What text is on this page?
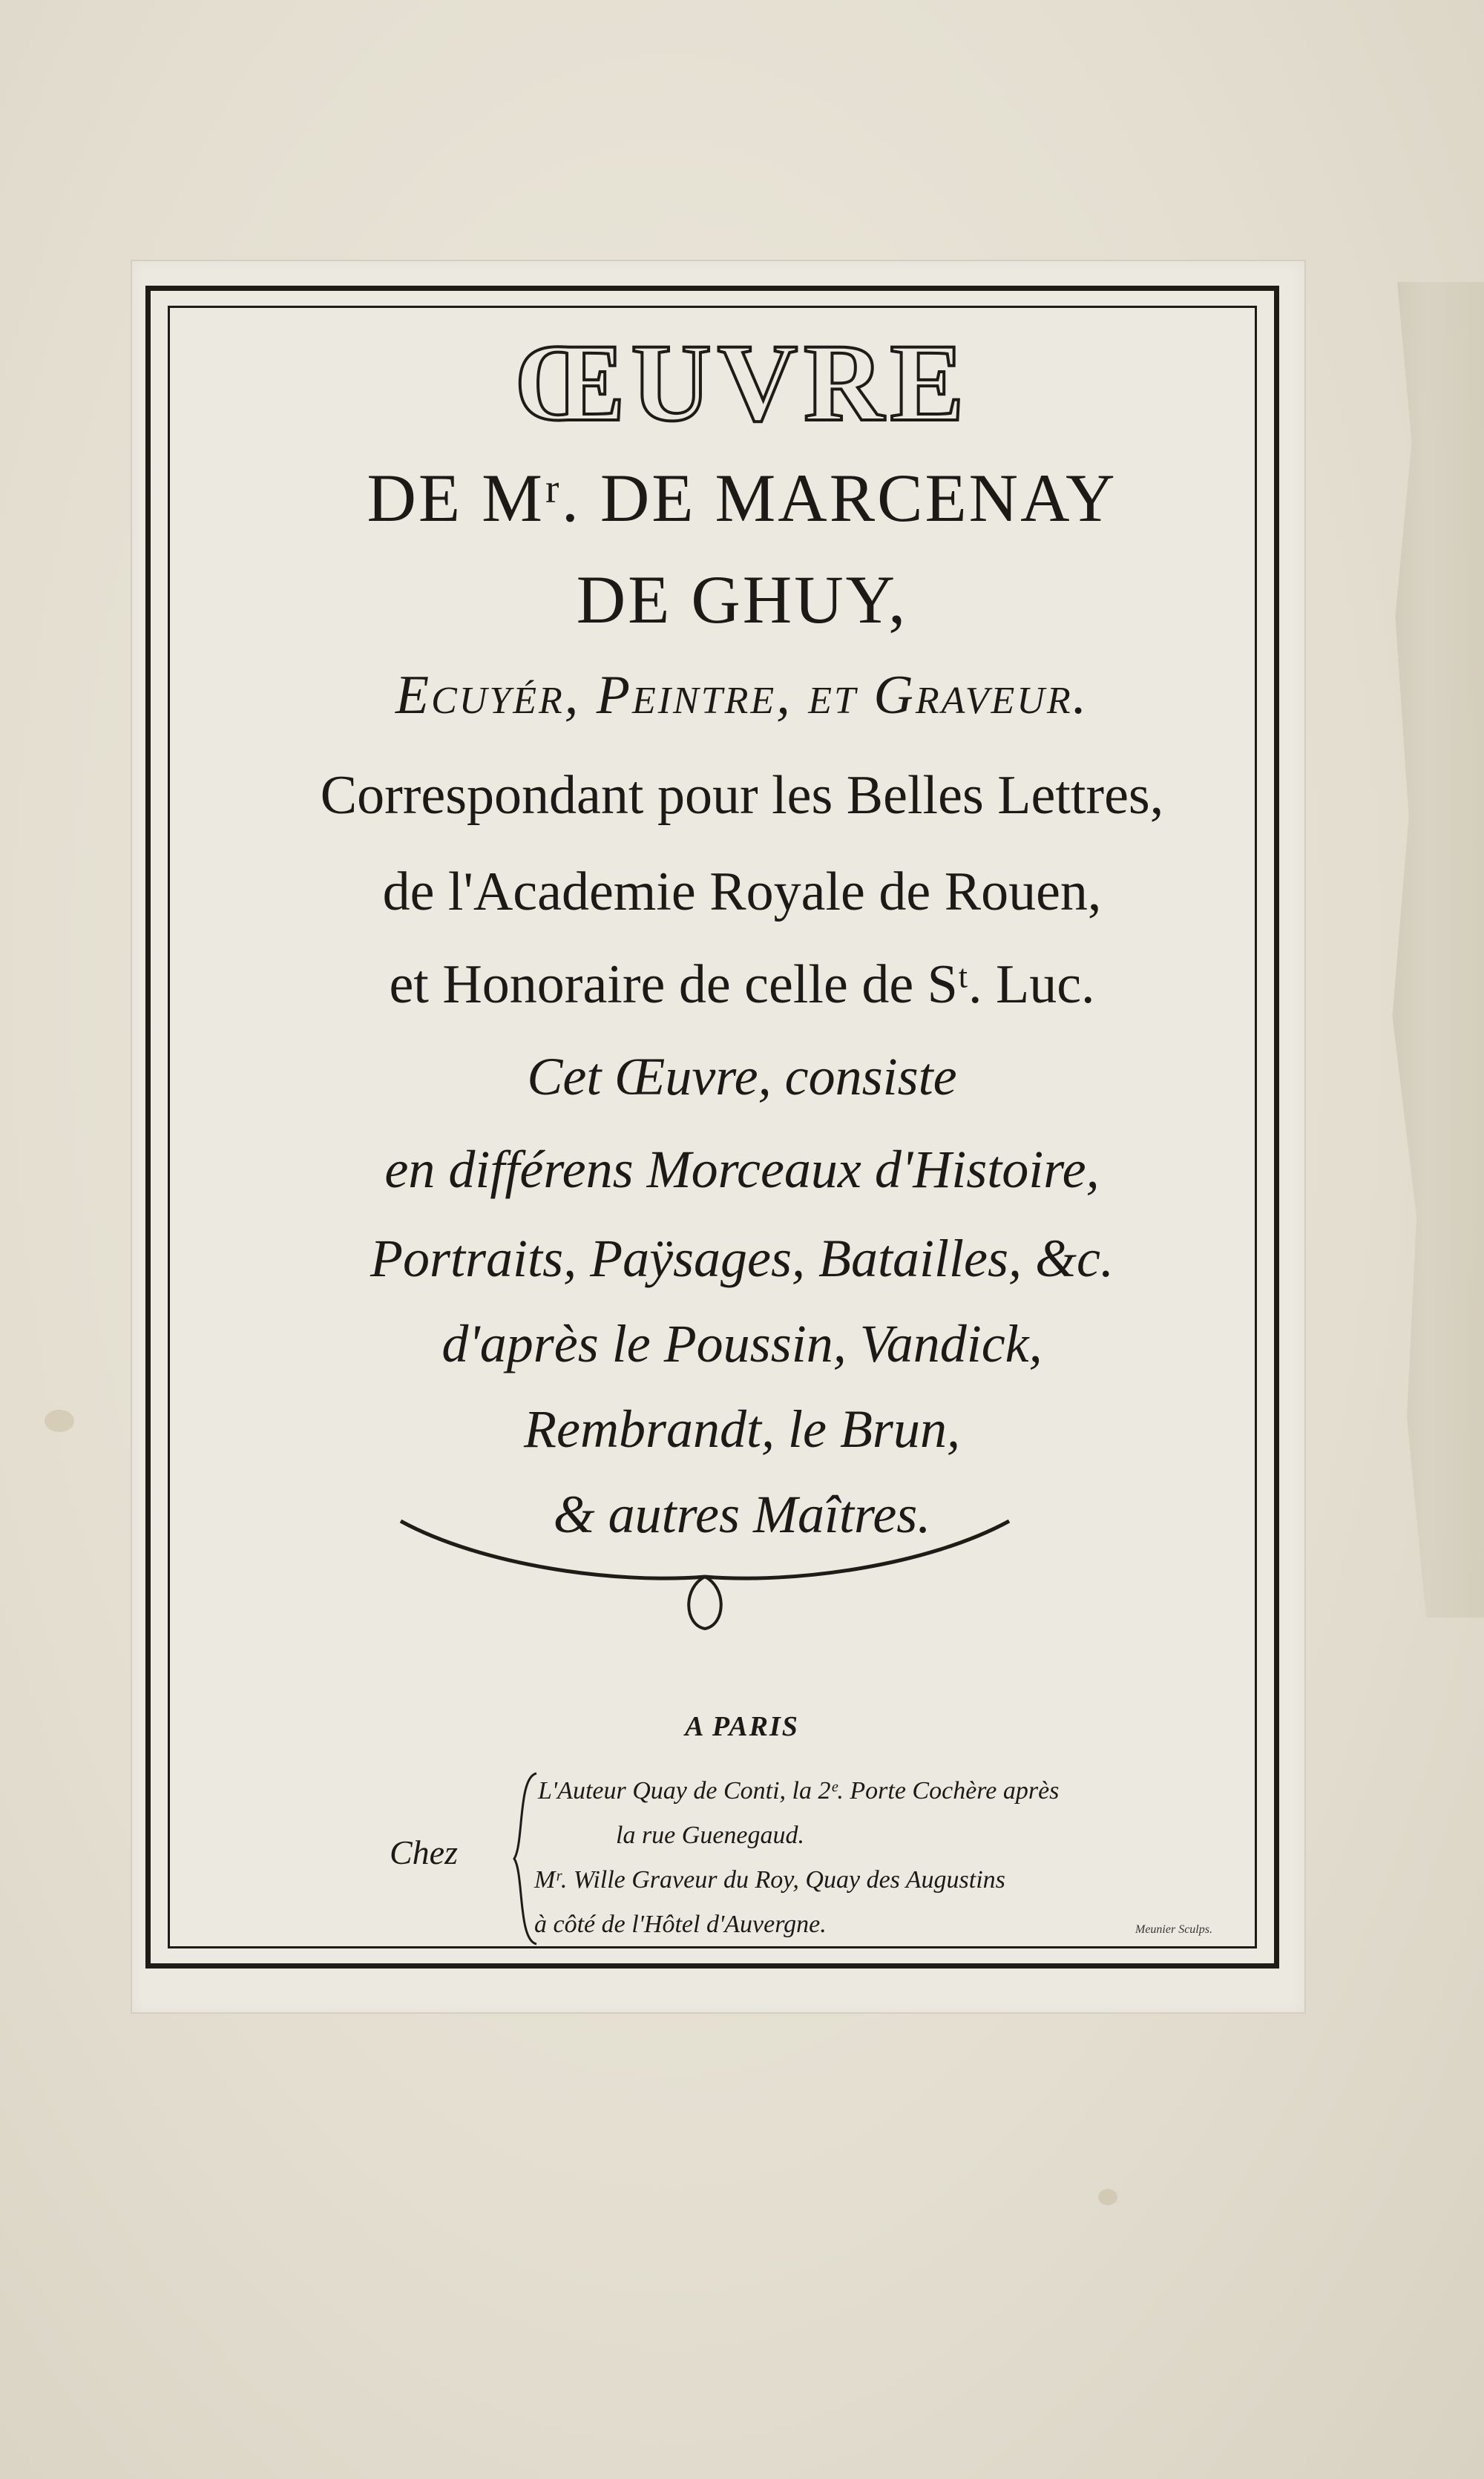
ŒUVRE
DE Mʳ. DE MARCENAY
DE GHUY,
Ecuyér, Peintre, et Graveur.
Correspondant pour les Belles Lettres,
de l'Academie Royale de Rouen,
et Honoraire de celle de Sᵗ. Luc.
Cet Œuvre, consiste
en différens Morceaux d'Histoire,
Portraits, Paÿsages, Batailles, &c.
d'après le Poussin, Vandick,
Rembrandt, le Brun,
& autres Maîtres.
A PARIS
Chez
L'Auteur Quay de Conti, la 2ᵉ. Porte Cochère après
la rue Guenegaud.
Mʳ. Wille Graveur du Roy, Quay des Augustins
à côté de l'Hôtel d'Auvergne.	Meunier Sculps.
